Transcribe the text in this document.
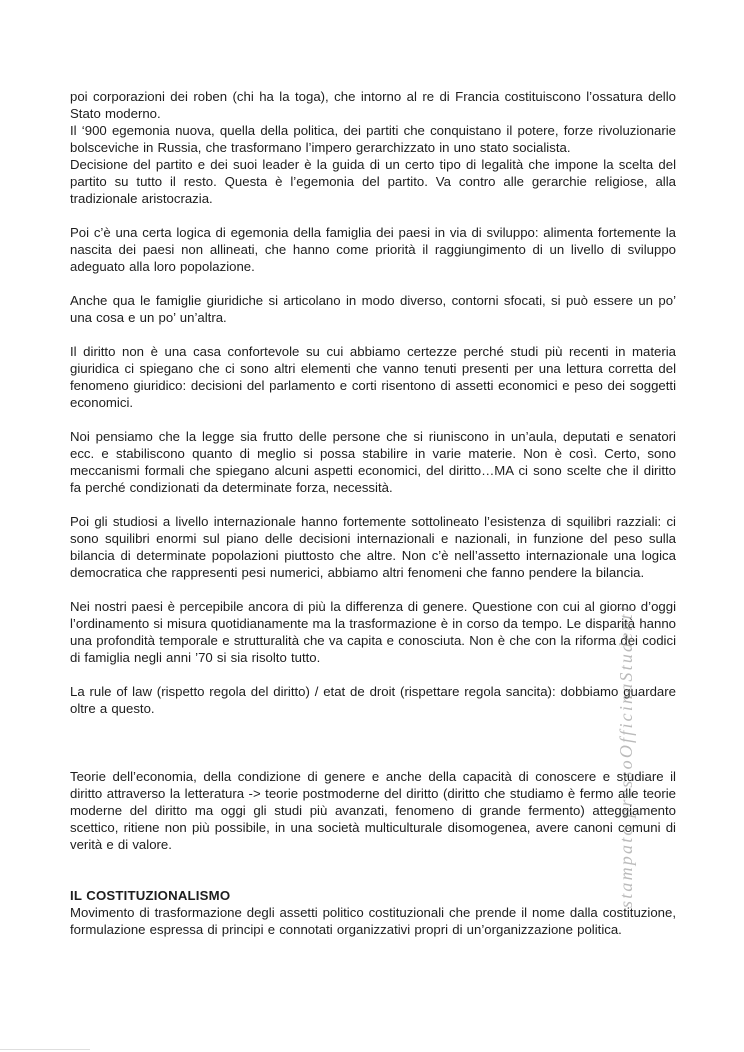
poi corporazioni dei roben (chi ha la toga), che intorno al re di Francia costituiscono l’ossatura dello Stato moderno.

Il ‘900 egemonia nuova, quella della politica, dei partiti che conquistano il potere, forze rivoluzionarie bolsceviche in Russia, che trasformano l’impero gerarchizzato in uno stato socialista.

Decisione del partito e dei suoi leader è la guida di un certo tipo di legalità che impone la scelta del partito su tutto il resto. Questa è l’egemonia del partito. Va contro alle gerarchie religiose, alla tradizionale aristocrazia.

Poi c’è una certa logica di egemonia della famiglia dei paesi in via di sviluppo: alimenta fortemente la nascita dei paesi non allineati, che hanno come priorità il raggiungimento di un livello di sviluppo adeguato alla loro popolazione.

Anche qua le famiglie giuridiche si articolano in modo diverso, contorni sfocati, si può essere un po’ una cosa e un po’ un’altra.

Il diritto non è una casa confortevole su cui abbiamo certezze perché studi più recenti in materia giuridica ci spiegano che ci sono altri elementi che vanno tenuti presenti per una lettura corretta del fenomeno giuridico: decisioni del parlamento e corti risentono di assetti economici e peso dei soggetti economici.

Noi pensiamo che la legge sia frutto delle persone che si riuniscono in un’aula, deputati e senatori ecc. e stabiliscono quanto di meglio si possa stabilire in varie materie. Non è così. Certo, sono meccanismi formali che spiegano alcuni aspetti economici, del diritto…MA ci sono scelte che il diritto fa perché condizionati da determinate forza, necessità.

Poi gli studiosi a livello internazionale hanno fortemente sottolineato l’esistenza di squilibri razziali: ci sono squilibri enormi sul piano delle decisioni internazionali e nazionali, in funzione del peso sulla bilancia di determinate popolazioni piuttosto che altre. Non c’è nell’assetto internazionale una logica democratica che rappresenti pesi numerici, abbiamo altri fenomeni che fanno pendere la bilancia.

Nei nostri paesi è percepibile ancora di più la differenza di genere. Questione con cui al giorno d’oggi l’ordinamento si misura quotidianamente ma la trasformazione è in corso da tempo. Le disparità hanno una profondità temporale e strutturalità che va capita e conosciuta. Non è che con la riforma dei codici di famiglia negli anni ’70 si sia risolto tutto.

La rule of law (rispetto regola del diritto) / etat de droit (rispettare regola sancita): dobbiamo guardare oltre a questo.

Teorie dell’economia, della condizione di genere e anche della capacità di conoscere e studiare il diritto attraverso la letteratura -> teorie postmoderne del diritto (diritto che studiamo è fermo alle teorie moderne del diritto ma oggi gli studi più avanzati, fenomeno di grande fermento) atteggiamento scettico, ritiene non più possibile, in una società multiculturale disomogenea, avere canoni comuni di verità e di valore.

IL COSTITUZIONALISMO

Movimento di trasformazione degli assetti politico costituzionali che prende il nome dalla costituzione, formulazione espressa di principi e connotati organizzativi propri di un’organizzazione politica.

stampato pressoOfficinaStudenti
